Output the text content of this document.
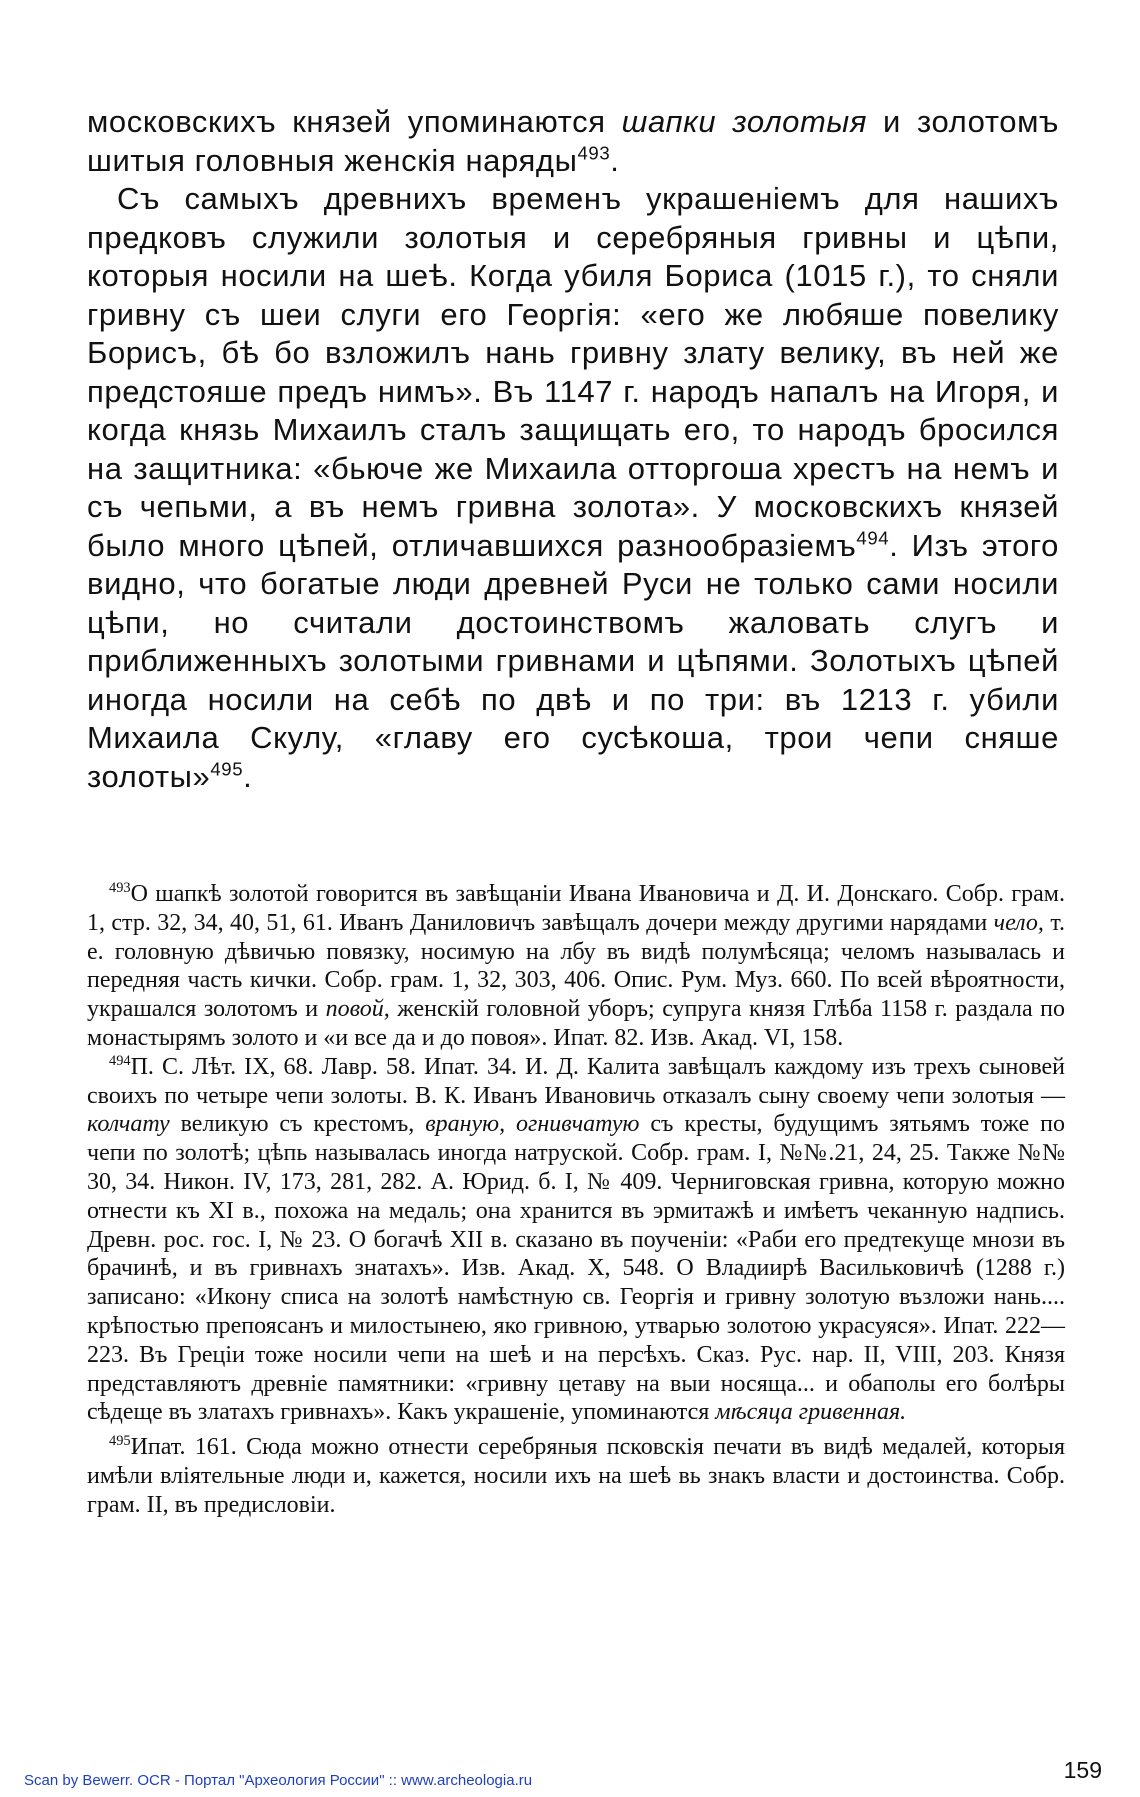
московскихъ князей упоминаются шапки золотыя и золотомъ шитыя головныя женскія наряды$^{493}$.

Съ самыхъ древнихъ временъ украшеніемъ для нашихъ предковъ служили золотыя и серебряныя гривны и цѣпи, которыя носили на шеѣ. Когда убиля Бориса (1015 г.), то сняли гривну съ шеи слуги его Георгія: «его же любяше повелику Борисъ, бѣ бо взложилъ нань гривну злату велику, въ ней же предстояше предъ нимъ». Въ 1147 г. народъ напалъ на Игоря, и когда князь Михаилъ сталъ защищать его, то народъ бросился на защитника: «бьюче же Михаила отторгоша хрестъ на немъ и съ чепьми, а въ немъ гривна золота». У московскихъ князей было много цѣпей, отличавшихся разнообразіемъ$^{494}$. Изъ этого видно, что богатые люди древней Руси не только сами носили цѣпи, но считали достоинствомъ жаловать слугъ и приближенныхъ золотыми гривнами и цѣпями. Золотыхъ цѣпей иногда носили на себѣ по двѣ и по три: въ 1213 г. убили Михаила Скулу, «главу его сусѣкоша, трои чепи сняше золоты»$^{495}$.

$^{493}$О шапкѣ золотой говорится въ завѣщаніи Ивана Ивановича и Д. И. Донскаго. Собр. грам. 1, стр. 32, 34, 40, 51, 61. Иванъ Даниловичъ завѣщалъ дочери между другими нарядами чело, т. е. головную дѣвичью повязку, носимую на лбу въ видѣ полумѣсяца; челомъ называлась и передняя часть кички. Собр. грам. 1, 32, 303, 406. Опис. Рум. Муз. 660. По всей вѣроятности, украшался золотомъ и повой, женскій головной уборъ; супруга князя Глѣба 1158 г. раздала по монастырямъ золото и «и все да и до повоя». Ипат. 82. Изв. Акад. VI, 158.

$^{494}$П. С. Лѣт. IX, 68. Лавр. 58. Ипат. 34. И. Д. Калита завѣщалъ каждому изъ трехъ сыновей своихъ по четыре чепи золоты. В. К. Иванъ Ивановичь отказалъ сыну своему чепи золотыя — колчату великую съ крестомъ, враную, огнивчатую съ кресты, будущимъ зятьямъ тоже по чепи по золотѣ; цѣпь называлась иногда натруской. Собр. грам. I, №№.21, 24, 25. Также №№ 30, 34. Никон. IV, 173, 281, 282. А. Юрид. б. I, № 409. Черниговская гривна, которую можно отнести къ XI в., похожа на медаль; она хранится въ эрмитажѣ и имѣетъ чеканную надпись. Древн. рос. гос. I, № 23. О богачѣ XII в. сказано въ поученіи: «Раби его предтекуще мнози въ брачинѣ, и въ гривнахъ знатахъ». Изв. Акад. X, 548. О Владиирѣ Васильковичѣ (1288 г.) записано: «Икону списа на золотѣ намѣстную св. Георгія и гривну золотую възложи нань.... крѣпостью препоясанъ и милостынею, яко гривною, утварью золотою украсуяся». Ипат. 222—223. Въ Греціи тоже носили чепи на шеѣ и на персѣхъ. Сказ. Рус. нар. II, VIII, 203. Князя представляютъ древніе памятники: «гривну цетаву на выи носяща... и обаполы его болѣры сѣдеще въ златахъ гривнахъ». Какъ украшеніе, упоминаются мѣсяца гривенная.

$^{495}$Ипат. 161. Сюда можно отнести серебряныя псковскія печати въ видѣ медалей, которыя имѣли вліятельные люди и, кажется, носили ихъ на шеѣ вь знакъ власти и достоинства. Собр. грам. II, въ предисловіи.

Scan by Bewerr. OCR - Портал "Археология России" :: www.archeologia.ru	159
